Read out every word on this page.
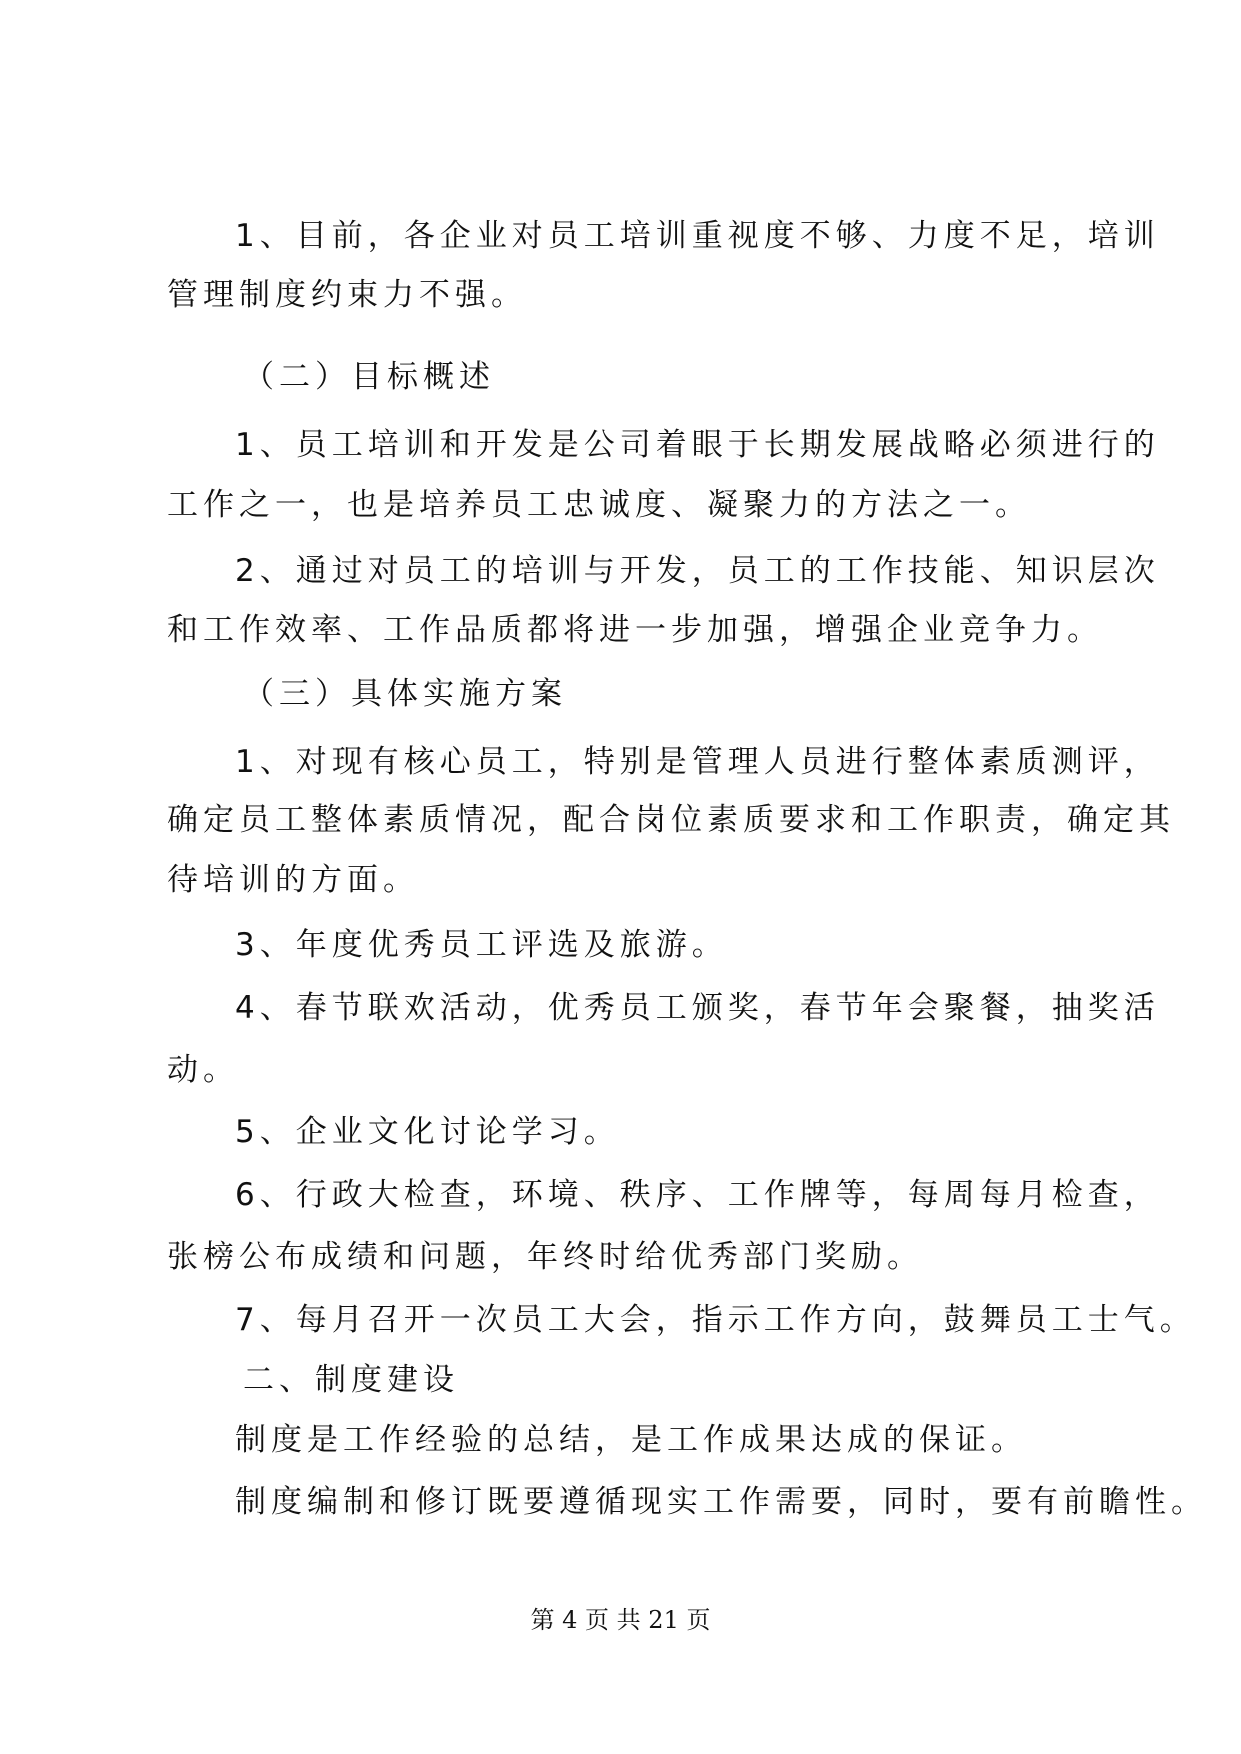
1、目前，各企业对员工培训重视度不够、力度不足，培训
管理制度约束力不强。
（二）目标概述
1、员工培训和开发是公司着眼于长期发展战略必须进行的
工作之一，也是培养员工忠诚度、凝聚力的方法之一。
2、通过对员工的培训与开发，员工的工作技能、知识层次
和工作效率、工作品质都将进一步加强，增强企业竞争力。
（三）具体实施方案
1、对现有核心员工，特别是管理人员进行整体素质测评，
确定员工整体素质情况，配合岗位素质要求和工作职责，确定其
待培训的方面。
3、年度优秀员工评选及旅游。
4、春节联欢活动，优秀员工颁奖，春节年会聚餐，抽奖活
动。
5、企业文化讨论学习。
6、行政大检查，环境、秩序、工作牌等，每周每月检查，
张榜公布成绩和问题，年终时给优秀部门奖励。
7、每月召开一次员工大会，指示工作方向，鼓舞员工士气。
二、制度建设
制度是工作经验的总结，是工作成果达成的保证。
制度编制和修订既要遵循现实工作需要，同时，要有前瞻性。
第 4 页 共 21 页
